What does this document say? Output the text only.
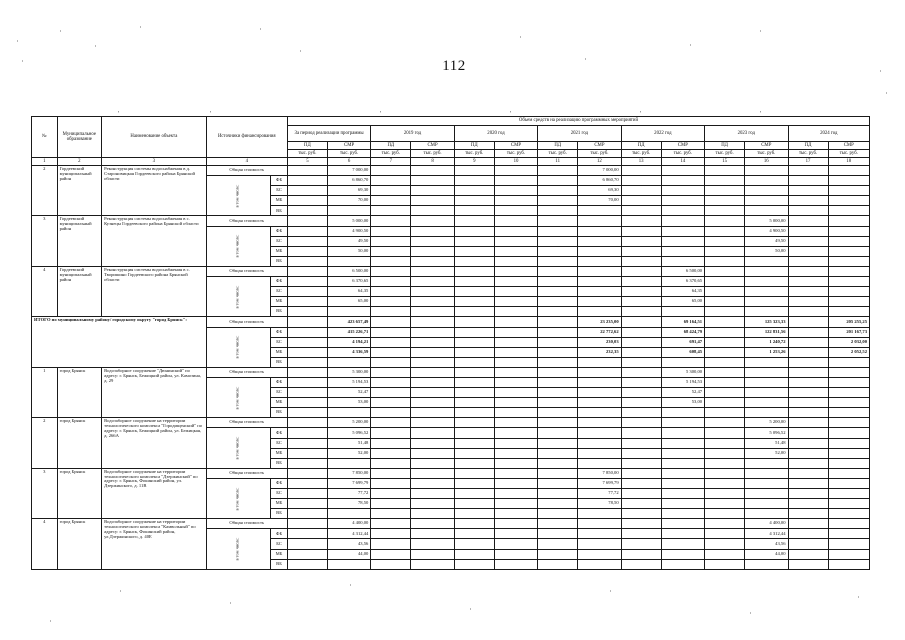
112
'	'	'	'	'	'
№	Муниципальное образование	Наименование объекта	Источники финансирования		Объем средств на реализацию программных мероприятий													
					За период реализации программы		2019 год		2020 год		2021 год		2022 год		2023 год		2024 год	
					ПД	СМР	ПД	СМР	ПД	СМР	ПД	СМР	ПД	СМР	ПД	СМР	ПД	СМР
					тыс. руб.	тыс. руб.	тыс. руб.	тыс. руб.	тыс. руб.	тыс. руб.	тыс. руб.	тыс. руб.	тыс. руб.	тыс. руб.	тыс. руб.	тыс. руб.	тыс. руб.	тыс. руб.
1	2	3	4		5	6	7	8	9	10	11	12	13	14	15	16	17	18
2	Гордеевский муниципальный район	Реконструкция системы водоснабжения в д. Староновицкая Гордеевского района Брянской области	Общая стоимость			7 000,00						7 000,00						

			в том числе:	ФБ		6 860,70						6 860,70						
				БС		69,30						69,30						
				МБ		70,00						70,00						
				ВБ														
3	Гордеевский муниципальный район	Реконструкция системы водоснабжения в с. Кузнецы Гордеевского района Брянской области	Общая стоимость			5 000,00										5 000,00		

			в том числе:	ФБ		4 900,50										4 900,50		
				БС		49,50										49,50		
				МБ		50,00										50,00		
				ВБ														
4	Гордеевский муниципальный район	Реконструкция системы водоснабжения в с. Творишино Гордеевского района Брянской области	Общая стоимость			6 500,00								6 500,00				

			в том числе:	ФБ		6 370,65								6 370,65				
				БС		64,35								64,35				
				МБ		65,00								65,00				
				ВБ														
ИТОГО по муниципальному району/ городскому округу "город Брянск":			Общая стоимость			423 657,49						23 235,00		69 164,51		125 323,33		205 255,25

			в том числе:	ФБ		415 226,71						22 772,62		68 424,79		122 831,56		201 167,73
				БС		4 194,21						230,03		691,47		1 240,72		2 032,00
				МБ		4 336,59						232,35		608,45		1 253,26		2 052,52
				ВБ														
1	город Брянск	Водозаборное сооружение "Дюнинский" по адресу: г. Брянск, Бежицкий район, ул. Камозина, д. 29	Общая стоимость			5 300,00								5 300,00				

			в том числе:	ФБ		5 194,53								5 194,53				
				БС		52,47								52,47				
				МБ		53,00								53,00				
				ВБ														
2	город Брянск	Водозаборное сооружение на территории технологического комплекса "Городищенский" по адресу: г. Брянск, Бежицкий район, ул. Бежицкая, д. 266А	Общая стоимость			5 200,00										5 200,00		

			в том числе:	ФБ		5 096,52										5 096,52		
				БС		51,48										51,48		
				МБ		52,00										52,00		
				ВБ														
3	город Брянск	Водозаборное сооружение на территории технологического комплекса "Дзержинский" по адресу: г. Брянск, Фокинский район, ул. Дзержинского, д. 11В	Общая стоимость			7 850,00						7 850,00						

			в том числе:	ФБ		7 699,79						7 699,79						
				БС		77,72						77,72						
				МБ		78,50						78,50						
				ВБ														
4	город Брянск	Водозаборное сооружение на территории технологического комплекса "Камвольный" по адресу: г. Брянск, Фокинский район, ул.Дзержинского, д. 40Е	Общая стоимость			4 400,00										4 400,00		

			в том числе:	ФБ		4 312,44										4 312,44		
				БС		43,56										43,56		
				МБ		44,00										44,00		
				ВБ														
